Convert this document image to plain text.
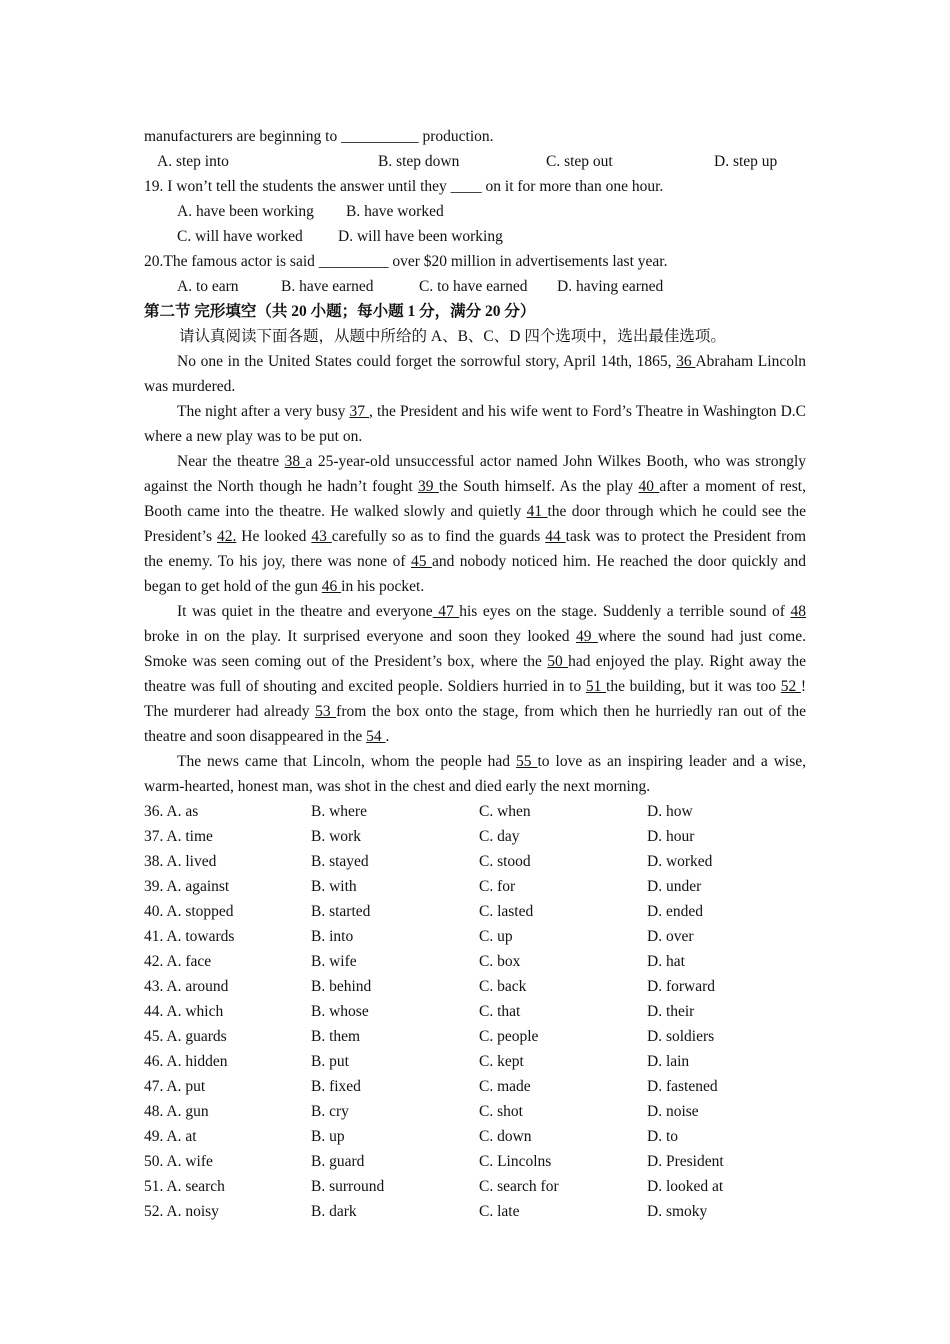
manufacturers are beginning to __________ production.
A. step into	B. step down	C. step out	D. step up
19. I won’t tell the students the answer until they ____ on it for more than one hour.
A. have been working	B. have worked
C. will have worked	D. will have been working
20.The famous actor is said _________ over $20 million in advertisements last year.
A. to earn	B. have earned	C. to have earned	D. having earned
第二节 完形填空（共 20 小题；每小题 1 分，满分 20 分）
请认真阅读下面各题，从题中所给的 A、B、C、D 四个选项中，选出最佳选项。
No one in the United States could forget the sorrowful story, April 14th, 1865, 36 Abraham Lincoln was murdered.
The night after a very busy 37 , the President and his wife went to Ford’s Theatre in Washington D.C where a new play was to be put on.
Near the theatre 38 a 25-year-old unsuccessful actor named John Wilkes Booth, who was strongly against the North though he hadn’t fought 39 the South himself. As the play 40 after a moment of rest, Booth came into the theatre. He walked slowly and quietly 41 the door through which he could see the President’s 42. He looked 43 carefully so as to find the guards 44 task was to protect the President from the enemy. To his joy, there was none of 45 and nobody noticed him. He reached the door quickly and began to get hold of the gun 46 in his pocket.
It was quiet in the theatre and everyone 47 his eyes on the stage. Suddenly a terrible sound of 48 broke in on the play. It surprised everyone and soon they looked 49 where the sound had just come. Smoke was seen coming out of the President’s box, where the 50 had enjoyed the play. Right away the theatre was full of shouting and excited people. Soldiers hurried in to 51 the building, but it was too 52 ! The murderer had already 53 from the box onto the stage, from which then he hurriedly ran out of the theatre and soon disappeared in the 54 .
The news came that Lincoln, whom the people had 55 to love as an inspiring leader and a wise, warm-hearted, honest man, was shot in the chest and died early the next morning.
36. A. as	B. where	C. when	D. how
37. A. time	B. work	C. day	D. hour
38. A. lived	B. stayed	C. stood	D. worked
39. A. against	B. with	C. for	D. under
40. A. stopped	B. started	C. lasted	D. ended
41. A. towards	B. into	C. up	D. over
42. A. face	B. wife	C. box	D. hat
43. A. around	B. behind	C. back	D. forward
44. A. which	B. whose	C. that	D. their
45. A. guards	B. them	C. people	D. soldiers
46. A. hidden	B. put	C. kept	D. lain
47. A. put	B. fixed	C. made	D. fastened
48. A. gun	B. cry	C. shot	D. noise
49. A. at	B. up	C. down	D. to
50. A. wife	B. guard	C. Lincolns	D. President
51. A. search	B. surround	C. search for	D. looked at
52. A. noisy	B. dark	C. late	D. smoky
